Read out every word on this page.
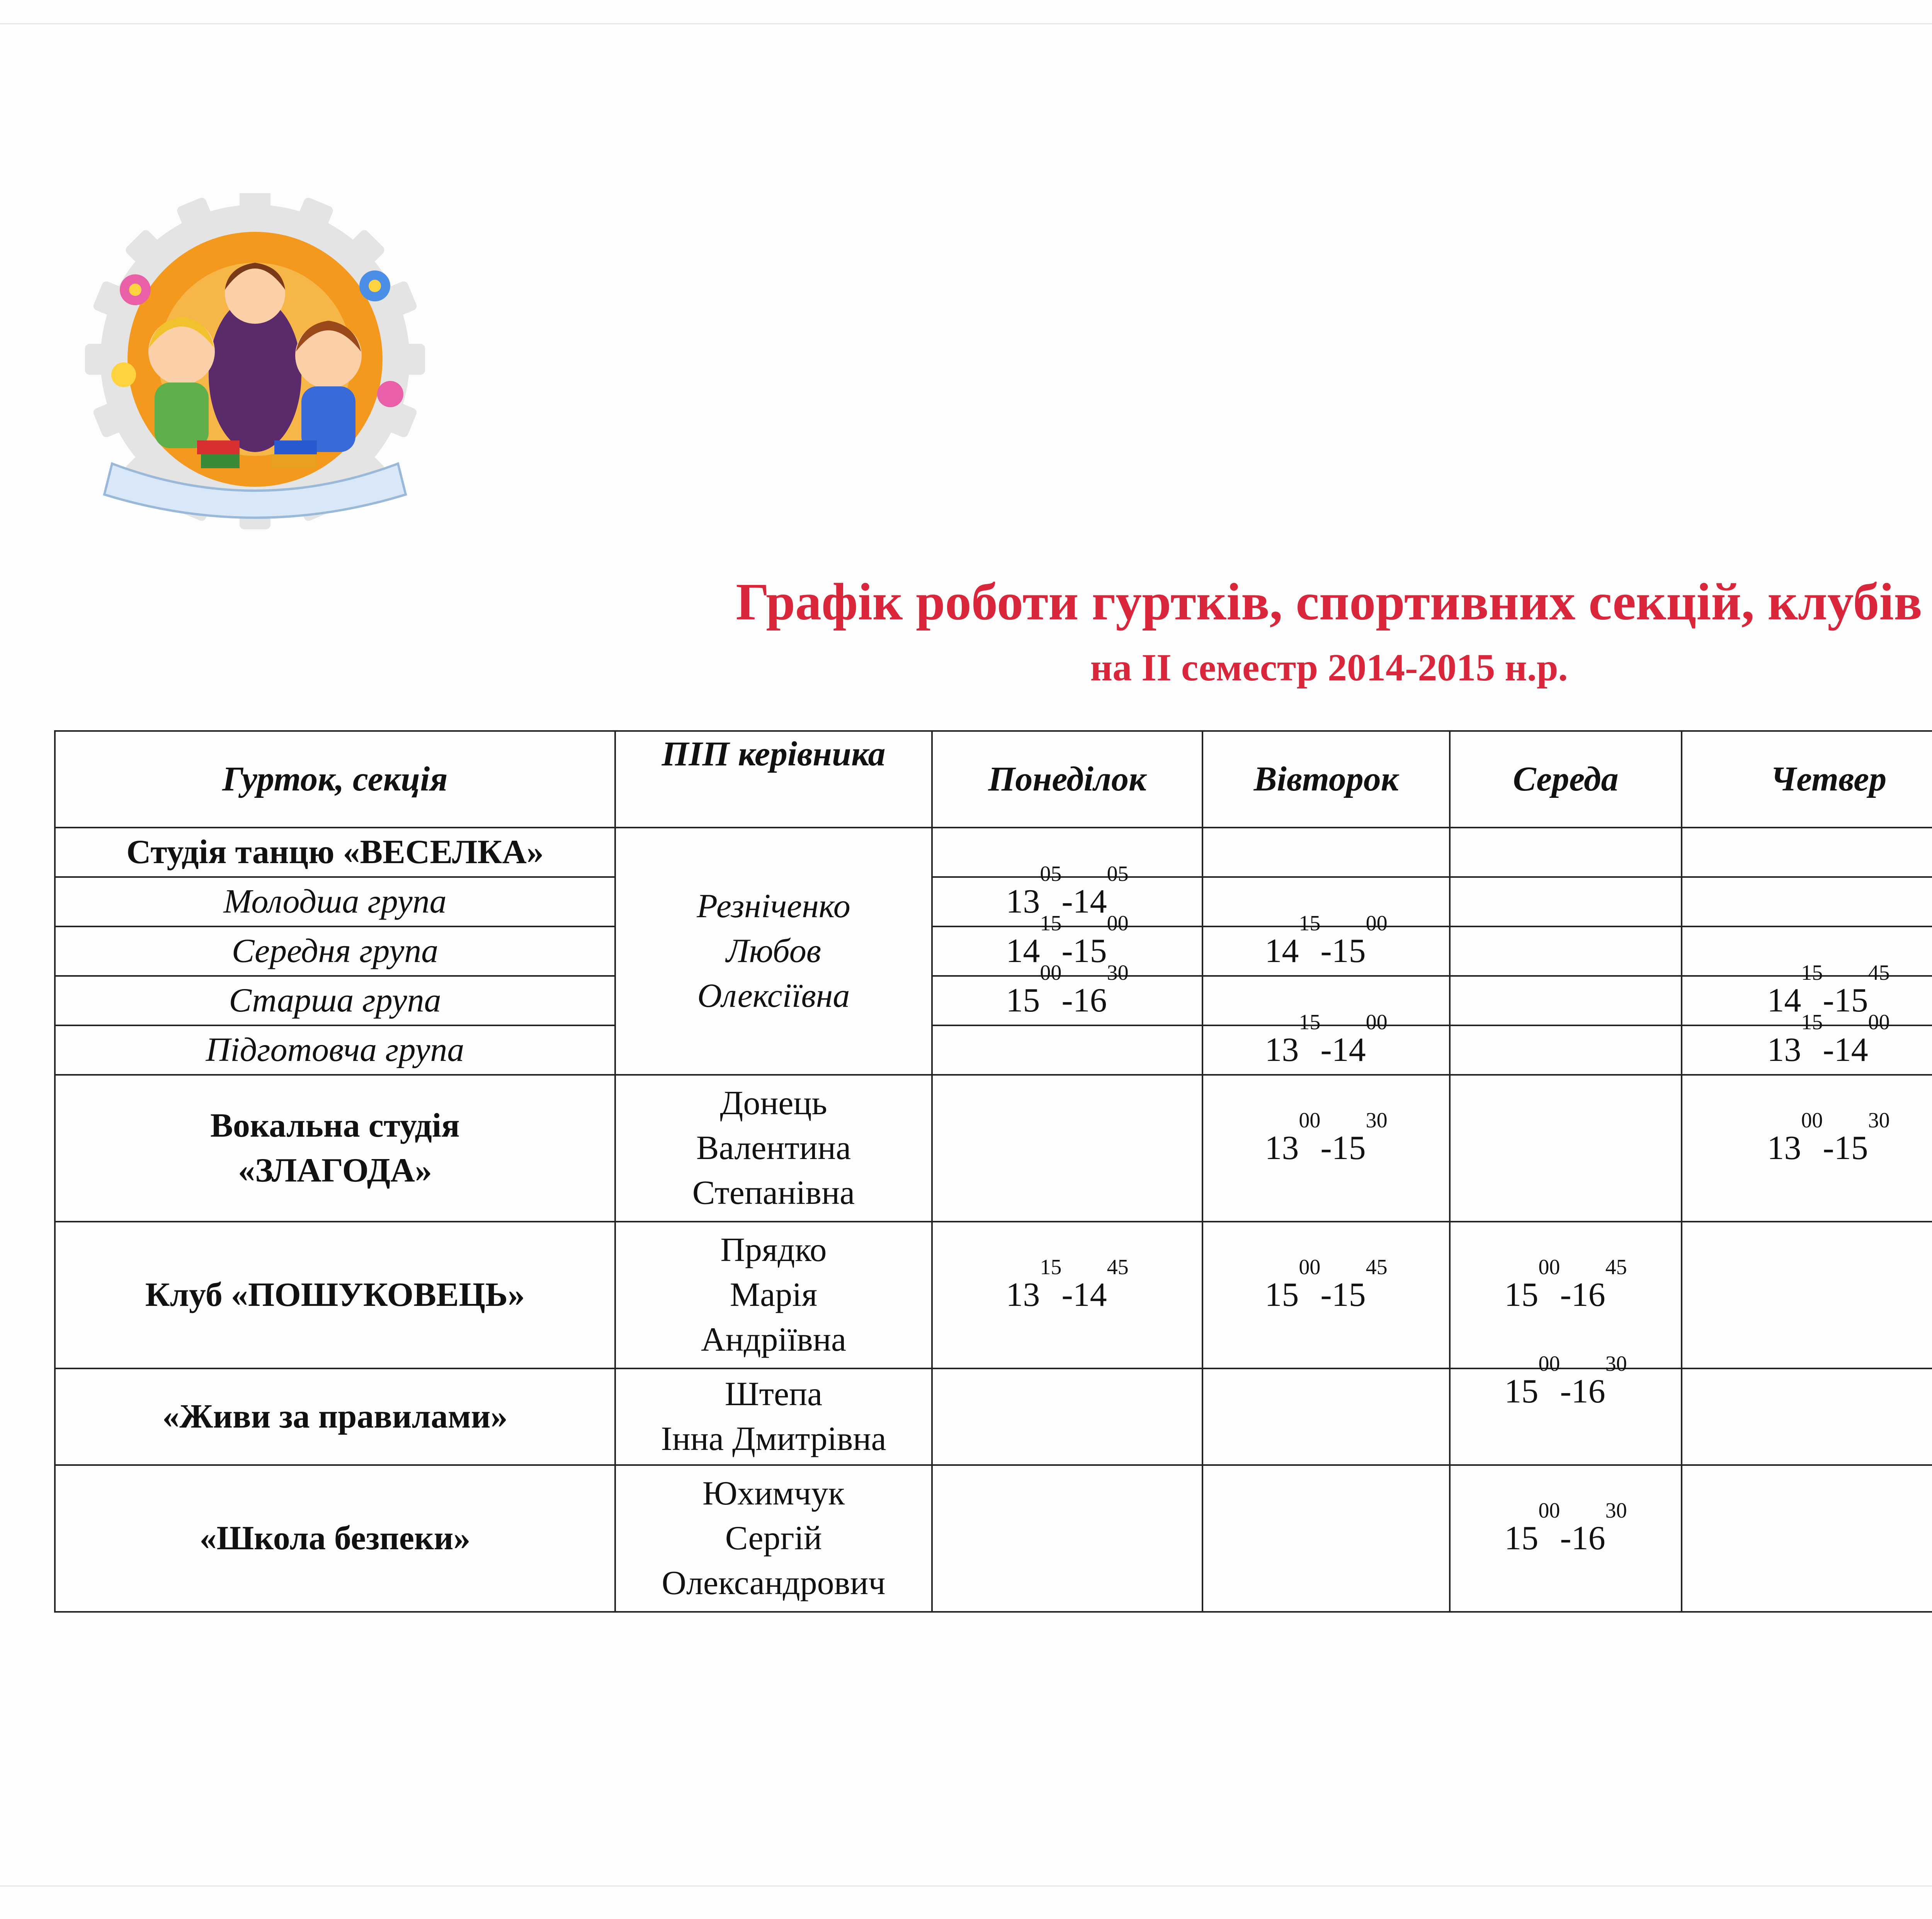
Графік роботи гуртків, спортивних секцій, клубів
на ІІ семестр 2014-2015 н.р.
Гурток, секція	ПІП керівника	Понеділок	Вівторок	Середа	Четвер		

Студія танцю «ВЕСЕЛКА»	Резніченко
Любов
Олексіївна						

Молодша група		$13^{05}-14^{05}$				
Середня група		$14^{15}-15^{00}$	$14^{15}-15^{00}$			
Старша група		$15^{00}-16^{30}$			$14^{15}-15^{45}$	
Підготовча група			$13^{15}-14^{00}$		$13^{15}-14^{00}$	
Вокальна студія
«ЗЛАГОДА»	Донець
Валентина
Степанівна		$13^{00}-15^{30}$		$13^{00}-15^{30}$		
Клуб «ПОШУКОВЕЦЬ»	Прядко
Марія
Андріївна	$13^{15}-14^{45}$	$15^{00}-15^{45}$	$15^{00}-16^{45}$			
«Живи за правилами»	Штепа
Інна Дмитрівна			$15^{00}-16^{30}$			
«Школа безпеки»	Юхимчук
Сергій
Олександрович			$15^{00}-16^{30}$			
